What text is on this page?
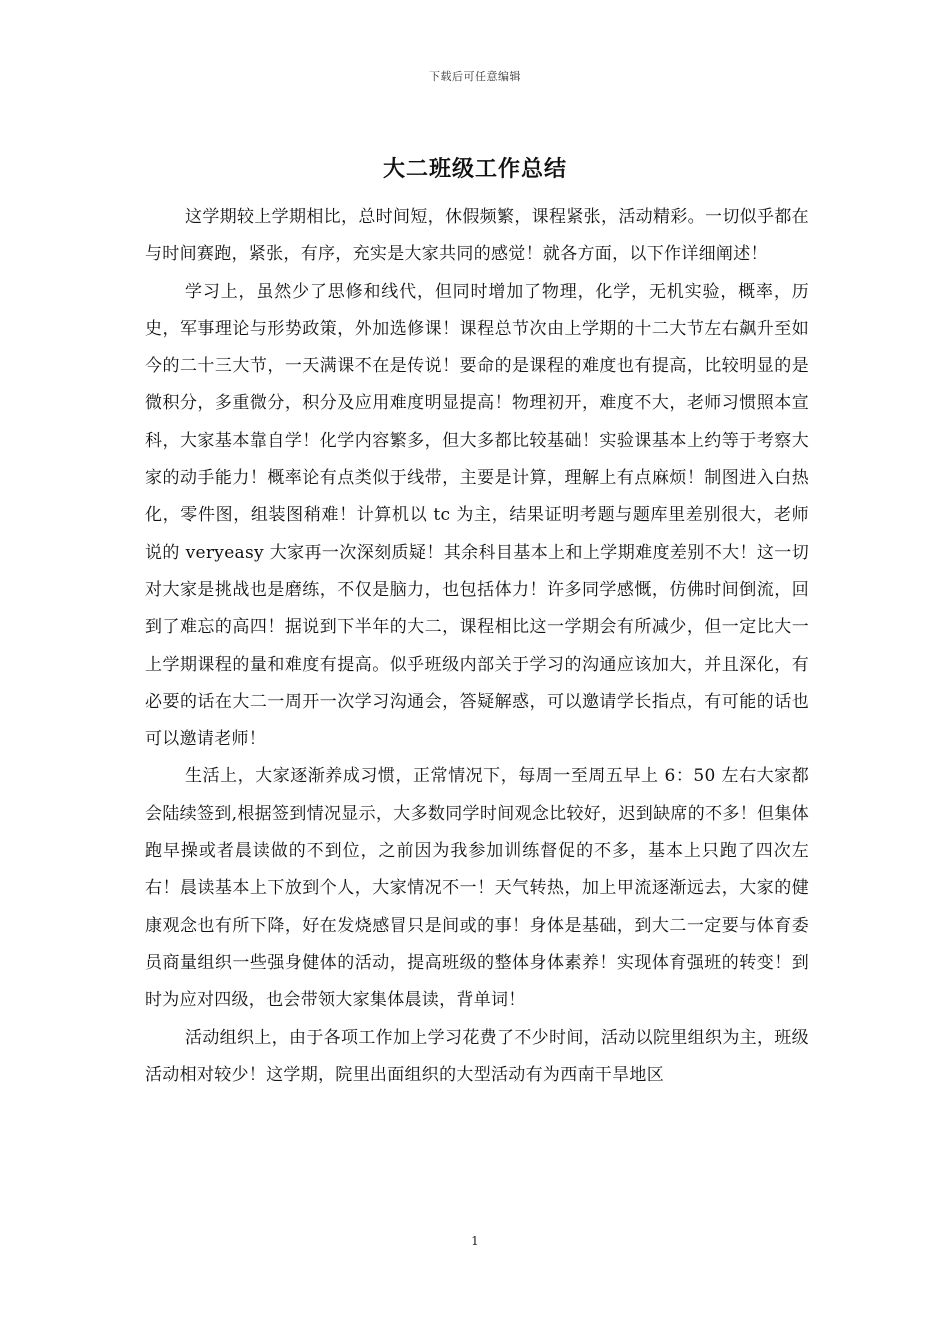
下载后可任意编辑
大二班级工作总结

这学期较上学期相比，总时间短，休假频繁，课程紧张，活动精彩。一切似乎都在与时间赛跑，紧张，有序，充实是大家共同的感觉！就各方面，以下作详细阐述！

学习上，虽然少了思修和线代，但同时增加了物理，化学，无机实验，概率，历史，军事理论与形势政策，外加选修课！课程总节次由上学期的十二大节左右飙升至如今的二十三大节，一天满课不在是传说！要命的是课程的难度也有提高，比较明显的是微积分，多重微分，积分及应用难度明显提高！物理初开，难度不大，老师习惯照本宣科，大家基本靠自学！化学内容繁多，但大多都比较基础！实验课基本上约等于考察大家的动手能力！概率论有点类似于线带，主要是计算，理解上有点麻烦！制图进入白热化，零件图，组装图稍难！计算机以 tc 为主，结果证明考题与题库里差别很大，老师说的 veryeasy 大家再一次深刻质疑！其余科目基本上和上学期难度差别不大！这一切对大家是挑战也是磨练，不仅是脑力，也包括体力！许多同学感慨，仿佛时间倒流，回到了难忘的高四！据说到下半年的大二，课程相比这一学期会有所减少，但一定比大一上学期课程的量和难度有提高。似乎班级内部关于学习的沟通应该加大，并且深化，有必要的话在大二一周开一次学习沟通会，答疑解惑，可以邀请学长指点，有可能的话也可以邀请老师！

生活上，大家逐渐养成习惯，正常情况下，每周一至周五早上 6：50 左右大家都会陆续签到,根据签到情况显示，大多数同学时间观念比较好，迟到缺席的不多！但集体跑早操或者晨读做的不到位，之前因为我参加训练督促的不多，基本上只跑了四次左右！晨读基本上下放到个人，大家情况不一！天气转热，加上甲流逐渐远去，大家的健康观念也有所下降，好在发烧感冒只是间或的事！身体是基础，到大二一定要与体育委员商量组织一些强身健体的活动，提高班级的整体身体素养！实现体育强班的转变！到时为应对四级，也会带领大家集体晨读，背单词！

活动组织上，由于各项工作加上学习花费了不少时间，活动以院里组织为主，班级活动相对较少！这学期，院里出面组织的大型活动有为西南干旱地区

1
